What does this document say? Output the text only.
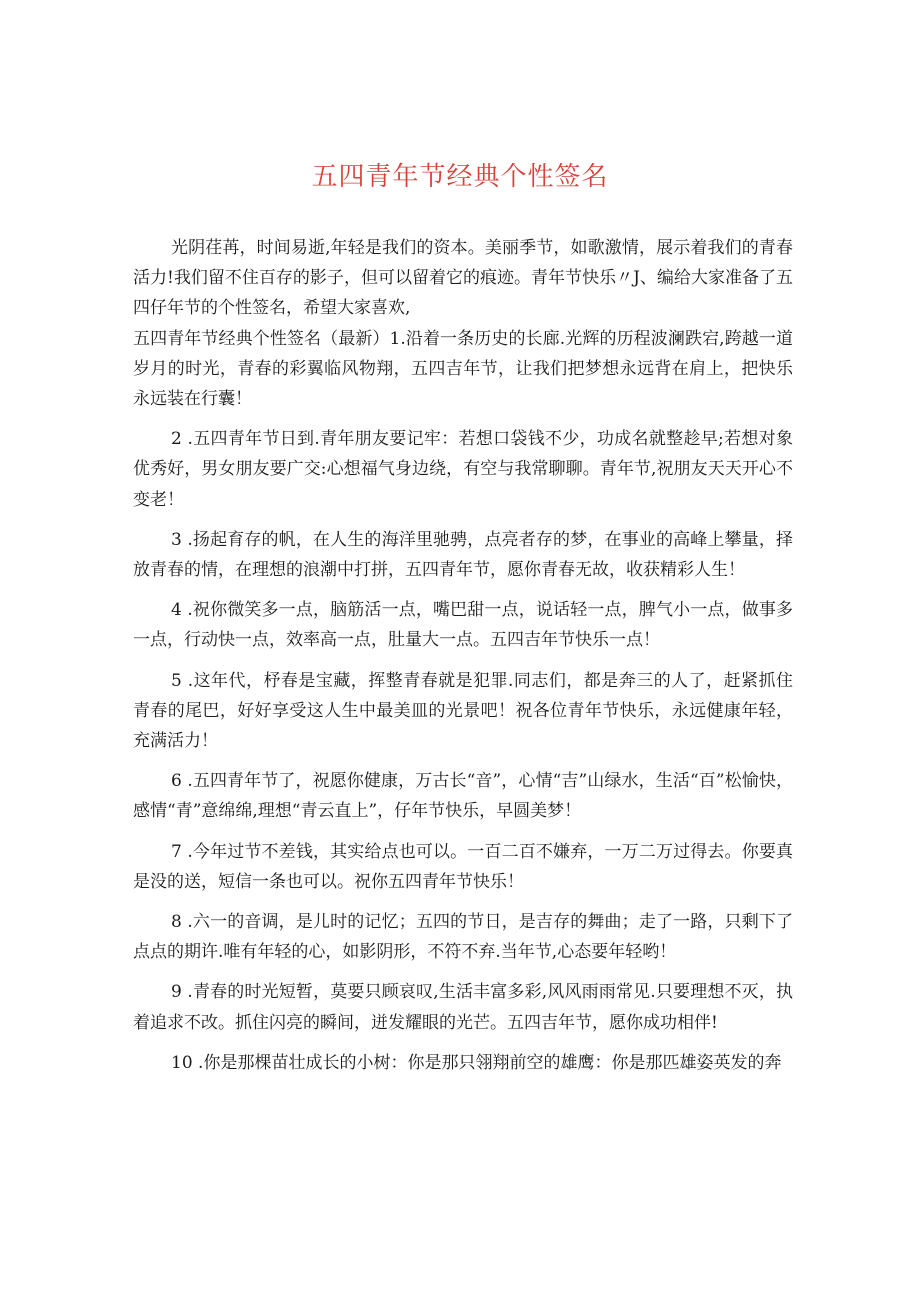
五四青年节经典个性签名

光阴荏苒，时间易逝,年轻是我们的资本。美丽季节，如歌激情，展示着我们的青春活力!我们留不住百存的影子，但可以留着它的痕迹。青年节快乐〃J、编给大家准备了五四仔年节的个性签名，希望大家喜欢,

五四青年节经典个性签名（最新）1.沿着一条历史的长廊.光辉的历程波澜跌宕,跨越一道岁月的时光，青春的彩翼临风物翔，五四吉年节，让我们把梦想永远背在肩上，把快乐永远装在行囊！

2 .五四青年节日到.青年朋友要记牢：若想口袋钱不少，功成名就整趁早;若想对象优秀好，男女朋友要广交:心想福气身边绕，有空与我常聊聊。青年节,祝朋友天天开心不变老！

3 .扬起育存的帆，在人生的海洋里驰骋，点亮者存的梦，在事业的高峰上攀量，择放青春的情，在理想的浪潮中打拼，五四青年节，愿你青春无故，收获精彩人生！

4 .祝你微笑多一点，脑筋活一点，嘴巴甜一点，说话轻一点，脾气小一点，做事多一点，行动快一点，效率高一点，肚量大一点。五四吉年节快乐一点！

5 .这年代，杼春是宝藏，挥整青春就是犯罪.同志们，都是奔三的人了，赶紧抓住青春的尾巴，好好享受这人生中最美皿的光景吧！祝各位青年节快乐，永远健康年轻，充满活力！

6 .五四青年节了，祝愿你健康，万古长“音”，心情“吉”山绿水，生活“百”松愉快，感情“青”意绵绵,理想“青云直上”，仔年节快乐，早圆美梦！

7 .今年过节不差钱，其实给点也可以。一百二百不嫌弃，一万二万过得去。你要真是没的送，短信一条也可以。祝你五四青年节快乐！

8 .六一的音调，是儿时的记忆；五四的节日，是吉存的舞曲；走了一路，只剩下了点点的期许.唯有年轻的心，如影阴形，不符不弃.当年节,心态要年轻哟！

9 .青春的时光短暂，莫要只顾哀叹,生活丰富多彩,风风雨雨常见.只要理想不灭，执着追求不改。抓住闪亮的瞬间，迸发耀眼的光芒。五四吉年节，愿你成功相伴!

10 .你是那棵苗壮成长的小树：你是那只翎翔前空的雄鹰：你是那匹雄姿英发的奔
